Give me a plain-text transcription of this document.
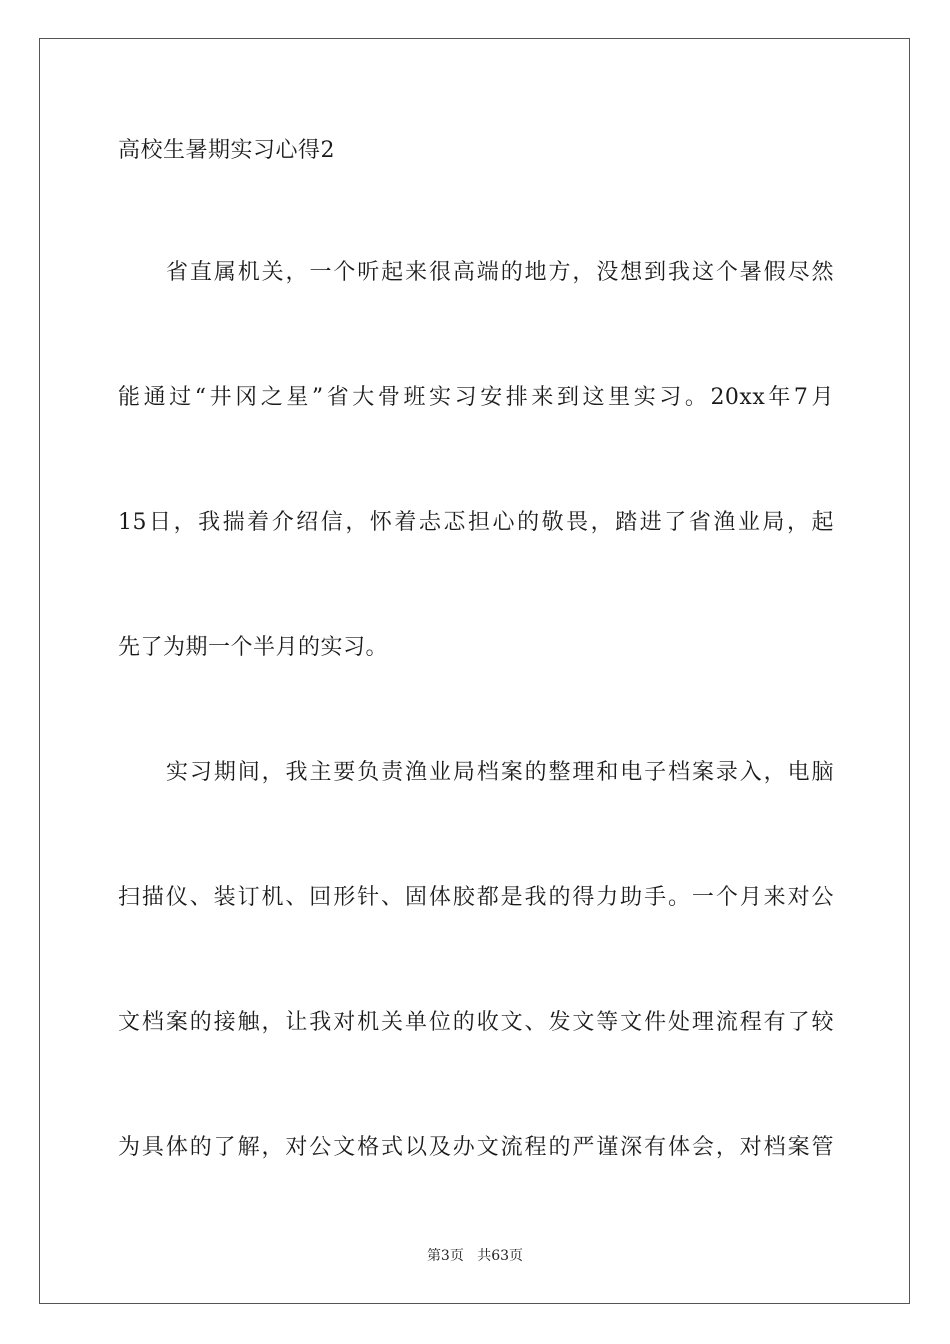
高校生暑期实习心得2
省直属机关，一个听起来很高端的地方，没想到我这个暑假尽然
能通过“井冈之星”省大骨班实习安排来到这里实习。20xx年7月
15日，我揣着介绍信，怀着忐忑担心的敬畏，踏进了省渔业局，起
先了为期一个半月的实习。
实习期间，我主要负责渔业局档案的整理和电子档案录入，电脑
扫描仪、装订机、回形针、固体胶都是我的得力助手。一个月来对公
文档案的接触，让我对机关单位的收文、发文等文件处理流程有了较
为具体的了解，对公文格式以及办文流程的严谨深有体会，对档案管
第3页 共63页
